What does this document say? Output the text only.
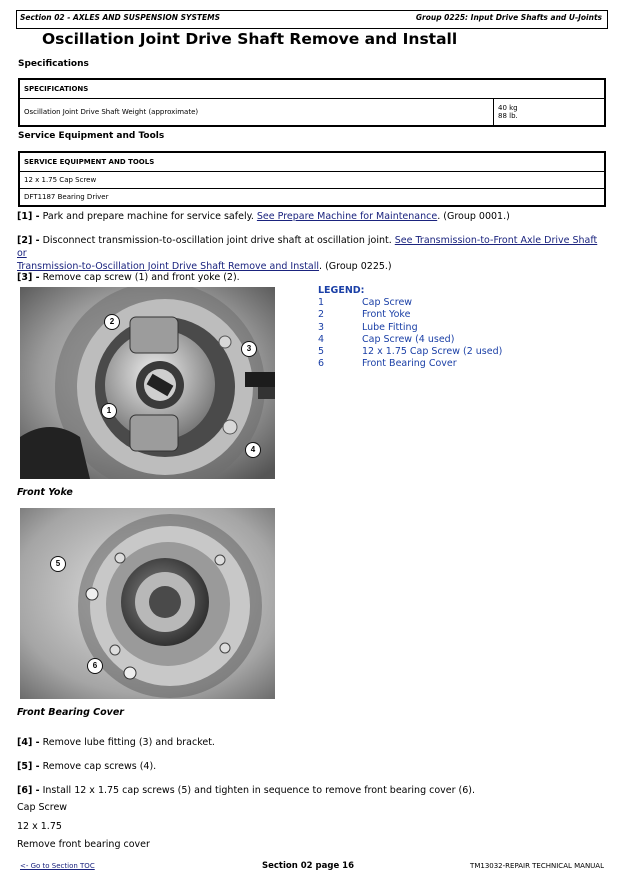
Section 02 - AXLES AND SUSPENSION SYSTEMS	Group 0225: Input Drive Shafts and U-Joints
Oscillation Joint Drive Shaft Remove and Install
Specifications
SPECIFICATIONS
Oscillation Joint Drive Shaft Weight (approximate)	40 kg
88 lb.
Service Equipment and Tools
SERVICE EQUIPMENT AND TOOLS
12 x 1.75 Cap Screw
DFT1187 Bearing Driver
[1] - Park and prepare machine for service safely. See Prepare Machine for Maintenance. (Group 0001.)
[2] - Disconnect transmission-to-oscillation joint drive shaft at oscillation joint. See Transmission-to-Front Axle Drive Shaft or
Transmission-to-Oscillation Joint Drive Shaft Remove and Install. (Group 0225.)
[3] - Remove cap screw (1) and front yoke (2).
2
3
1
4
LEGEND:
1	Cap Screw
2	Front Yoke
3	Lube Fitting
4	Cap Screw (4 used)
5	12 x 1.75 Cap Screw (2 used)
6	Front Bearing Cover
Front Yoke
5
6
Front Bearing Cover
[4] - Remove lube fitting (3) and bracket.
[5] - Remove cap screws (4).
[6] - Install 12 x 1.75 cap screws (5) and tighten in sequence to remove front bearing cover (6).
Cap Screw
12 x 1.75
Remove front bearing cover
<- Go to Section TOC	Section 02 page 16	TM13032-REPAIR TECHNICAL MANUAL
